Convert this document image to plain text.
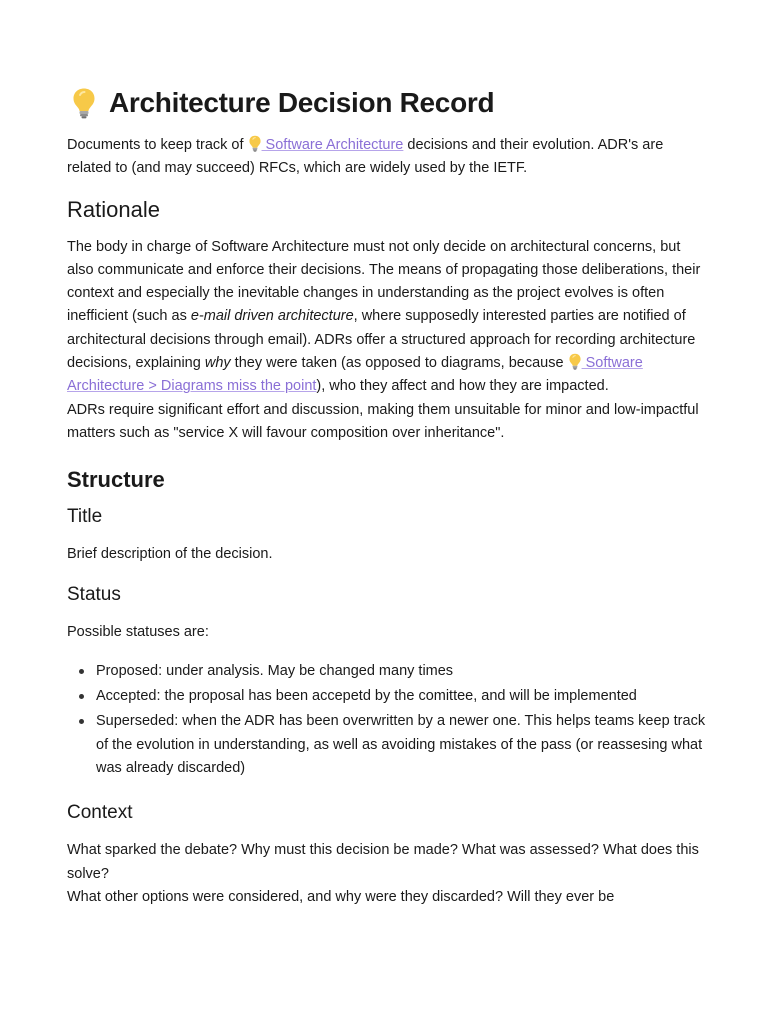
Architecture Decision Record

Documents to keep track of  Software Architecture decisions and their evolution. ADR's are related to (and may succeed) RFCs, which are widely used by the IETF.

Rationale

The body in charge of Software Architecture must not only decide on architectural concerns, but also communicate and enforce their decisions. The means of propagating those deliberations, their context and especially the inevitable changes in understanding as the project evolves is often inefficient (such as e-mail driven architecture, where supposedly interested parties are notified of architectural decisions through email). ADRs offer a structured approach for recording architecture decisions, explaining why they were taken (as opposed to diagrams, because  Software Architecture > Diagrams miss the point), who they affect and how they are impacted.

ADRs require significant effort and discussion, making them unsuitable for minor and low-impactful matters such as "service X will favour composition over inheritance".

Structure
Title

Brief description of the decision.

Status

Possible statuses are:

Proposed: under analysis. May be changed many times
Accepted: the proposal has been accepetd by the comittee, and will be implemented
Superseded: when the ADR has been overwritten by a newer one. This helps teams keep track of the evolution in understanding, as well as avoiding mistakes of the pass (or reassesing what was already discarded)
Context

What sparked the debate? Why must this decision be made? What was assessed? What does this solve?

What other options were considered, and why were they discarded? Will they ever be
